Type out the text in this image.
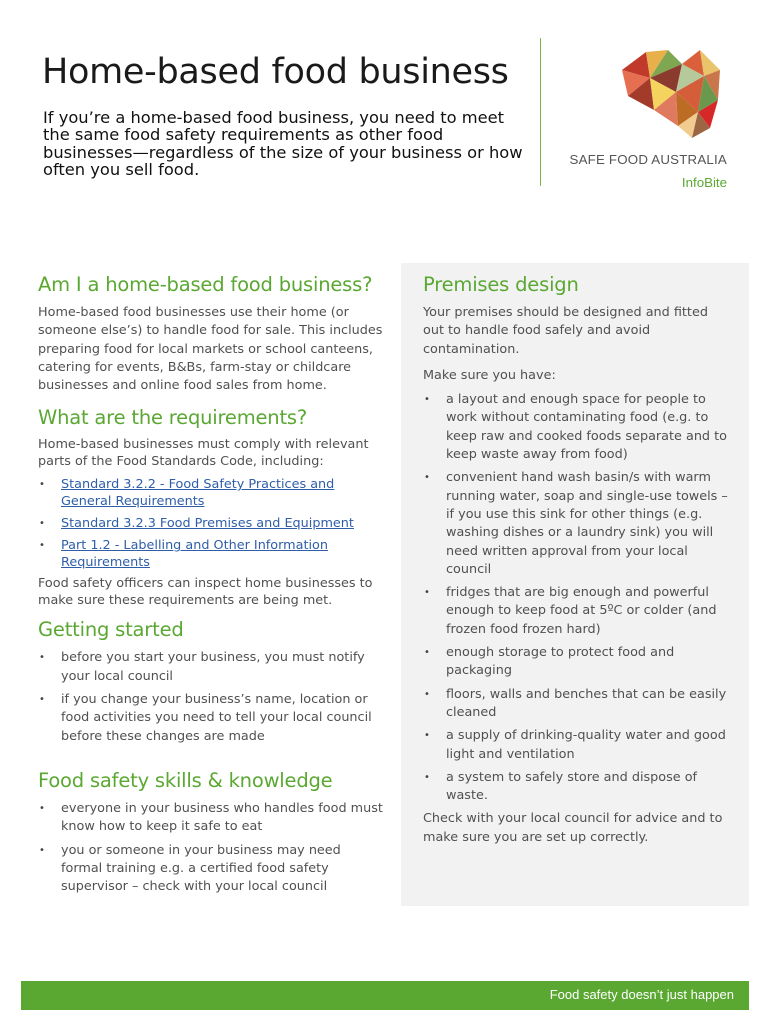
Home-based food business

If you’re a home-based food business, you need to meet the same food safety requirements as other food businesses—regardless of the size of your business or how often you sell food.

SAFE FOOD AUSTRALIA
InfoBite
Am I a home-based food business?

Home-based food businesses use their home (or someone else’s) to handle food for sale. This includes preparing food for local markets or school canteens, catering for events, B&Bs, farm-stay or childcare businesses and online food sales from home.

What are the requirements?

Home-based businesses must comply with relevant parts of the Food Standards Code, including:

• Standard 3.2.2 - Food Safety Practices and General Requirements
• Standard 3.2.3 Food Premises and Equipment
• Part 1.2 - Labelling and Other Information Requirements

Food safety officers can inspect home businesses to make sure these requirements are being met.

Getting started
• before you start your business, you must notify your local council
• if you change your business’s name, location or food activities you need to tell your local council before these changes are made
Food safety skills & knowledge
• everyone in your business who handles food must know how to keep it safe to eat
• you or someone in your business may need formal training e.g. a certified food safety supervisor – check with your local council
Premises design

Your premises should be designed and fitted out to handle food safely and avoid contamination.

Make sure you have:

• a layout and enough space for people to work without contaminating food (e.g. to keep raw and cooked foods separate and to keep waste away from food)
• convenient hand wash basin/s with warm running water, soap and single-use towels – if you use this sink for other things (e.g. washing dishes or a laundry sink) you will need written approval from your local council
• fridges that are big enough and powerful enough to keep food at 5ºC or colder (and frozen food frozen hard)
• enough storage to protect food and packaging
• floors, walls and benches that can be easily cleaned
• a supply of drinking-quality water and good light and ventilation
• a system to safely store and dispose of waste.

Check with your local council for advice and to make sure you are set up correctly.

Food safety doesn’t just happen
